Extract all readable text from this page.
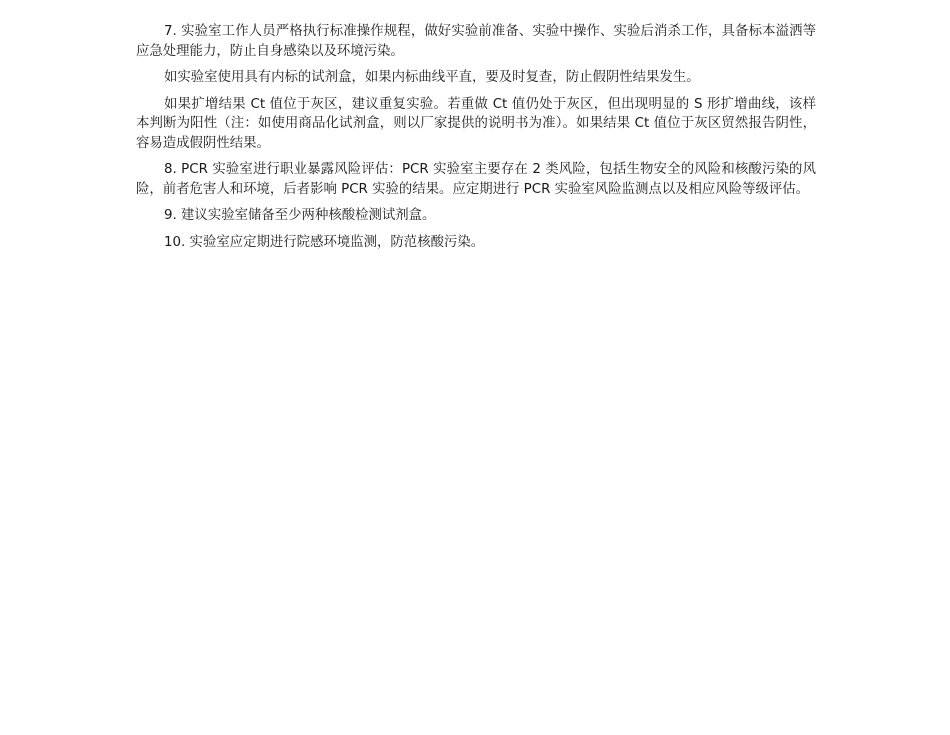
7. 实验室工作人员严格执行标准操作规程，做好实验前准备、实验中操作、实验后消杀工作，具备标本溢洒等应急处理能力，防止自身感染以及环境污染。

如实验室使用具有内标的试剂盒，如果内标曲线平直，要及时复查，防止假阴性结果发生。

如果扩增结果 Ct 值位于灰区，建议重复实验。若重做 Ct 值仍处于灰区，但出现明显的 S 形扩增曲线，该样本判断为阳性（注：如使用商品化试剂盒，则以厂家提供的说明书为准）。如果结果 Ct 值位于灰区贸然报告阴性，容易造成假阴性结果。

8. PCR 实验室进行职业暴露风险评估：PCR 实验室主要存在 2 类风险，包括生物安全的风险和核酸污染的风险，前者危害人和环境，后者影响 PCR 实验的结果。应定期进行 PCR 实验室风险监测点以及相应风险等级评估。

9. 建议实验室储备至少两种核酸检测试剂盒。

10. 实验室应定期进行院感环境监测，防范核酸污染。
